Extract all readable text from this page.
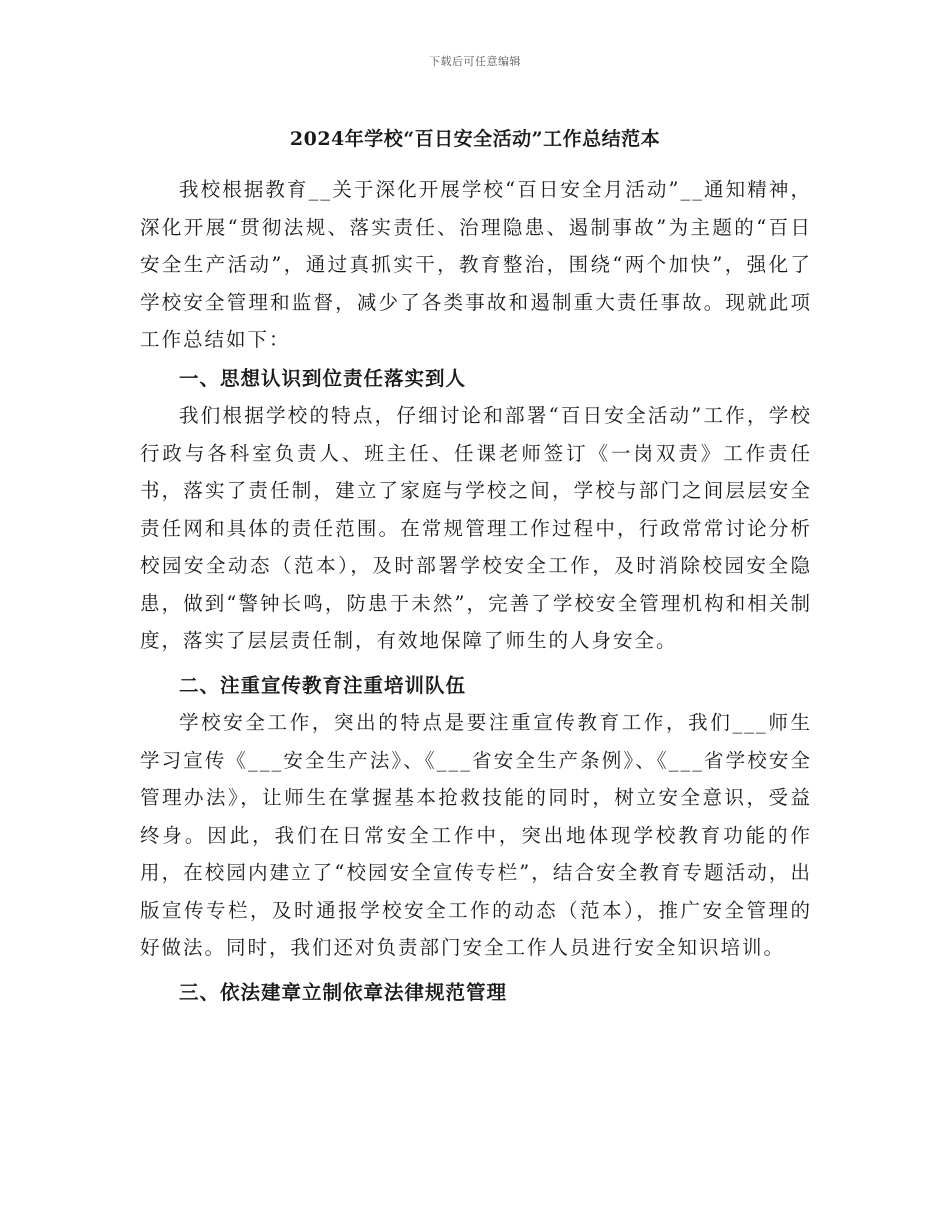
下载后可任意编辑
2024年学校“百日安全活动”工作总结范本

我校根据教育__关于深化开展学校“百日安全月活动”__通知精神，深化开展“贯彻法规、落实责任、治理隐患、遏制事故”为主题的“百日安全生产活动”，通过真抓实干，教育整治，围绕“两个加快”，强化了学校安全管理和监督，减少了各类事故和遏制重大责任事故。现就此项工作总结如下：

一、思想认识到位责任落实到人

我们根据学校的特点，仔细讨论和部署“百日安全活动”工作，学校行政与各科室负责人、班主任、任课老师签订《一岗双责》工作责任书，落实了责任制，建立了家庭与学校之间，学校与部门之间层层安全责任网和具体的责任范围。在常规管理工作过程中，行政常常讨论分析校园安全动态（范本），及时部署学校安全工作，及时消除校园安全隐患，做到“警钟长鸣，防患于未然”，完善了学校安全管理机构和相关制度，落实了层层责任制，有效地保障了师生的人身安全。

二、注重宣传教育注重培训队伍

学校安全工作，突出的特点是要注重宣传教育工作，我们___师生学习宣传《___安全生产法》、《___省安全生产条例》、《___省学校安全管理办法》，让师生在掌握基本抢救技能的同时，树立安全意识，受益终身。因此，我们在日常安全工作中，突出地体现学校教育功能的作用，在校园内建立了“校园安全宣传专栏”，结合安全教育专题活动，出版宣传专栏，及时通报学校安全工作的动态（范本），推广安全管理的好做法。同时，我们还对负责部门安全工作人员进行安全知识培训。

三、依法建章立制依章法律规范管理
